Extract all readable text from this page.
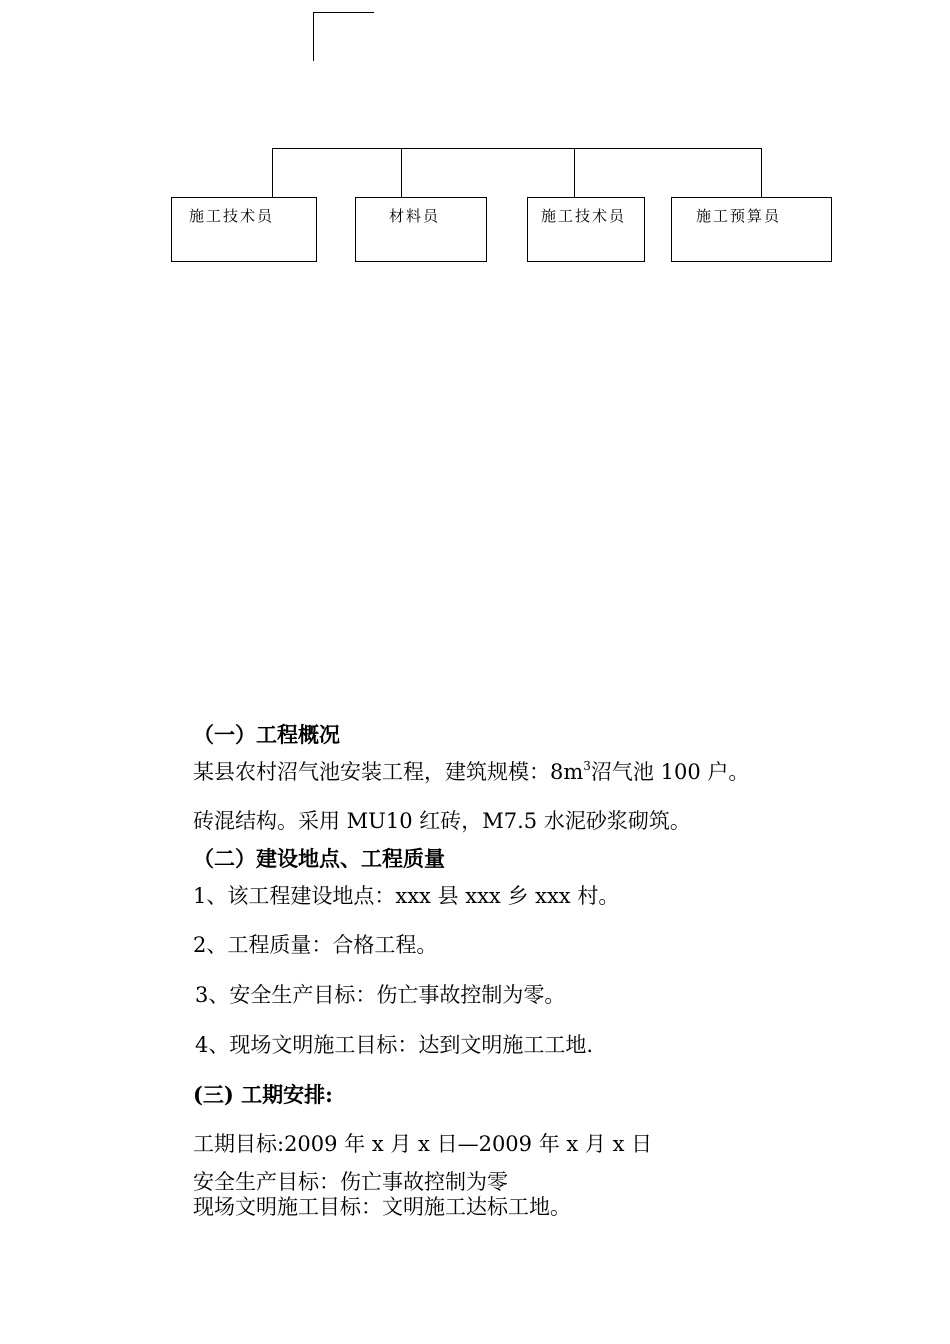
施工技术员	材料员	施工技术员	施工预算员
（一）工程概况
某县农村沼气池安装工程，建筑规模：$8m^3$沼气池 100 户。
砖混结构。采用 MU10 红砖，M7.5 水泥砂浆砌筑。
（二）建设地点、工程质量
1、该工程建设地点：xxx 县 xxx 乡 xxx 村。
2、工程质量：合格工程。
3、安全生产目标：伤亡事故控制为零。
4、现场文明施工目标：达到文明施工工地.
(三) 工期安排:
工期目标:2009 年 x 月 x 日—2009 年 x 月 x 日
安全生产目标：伤亡事故控制为零
现场文明施工目标：文明施工达标工地。
